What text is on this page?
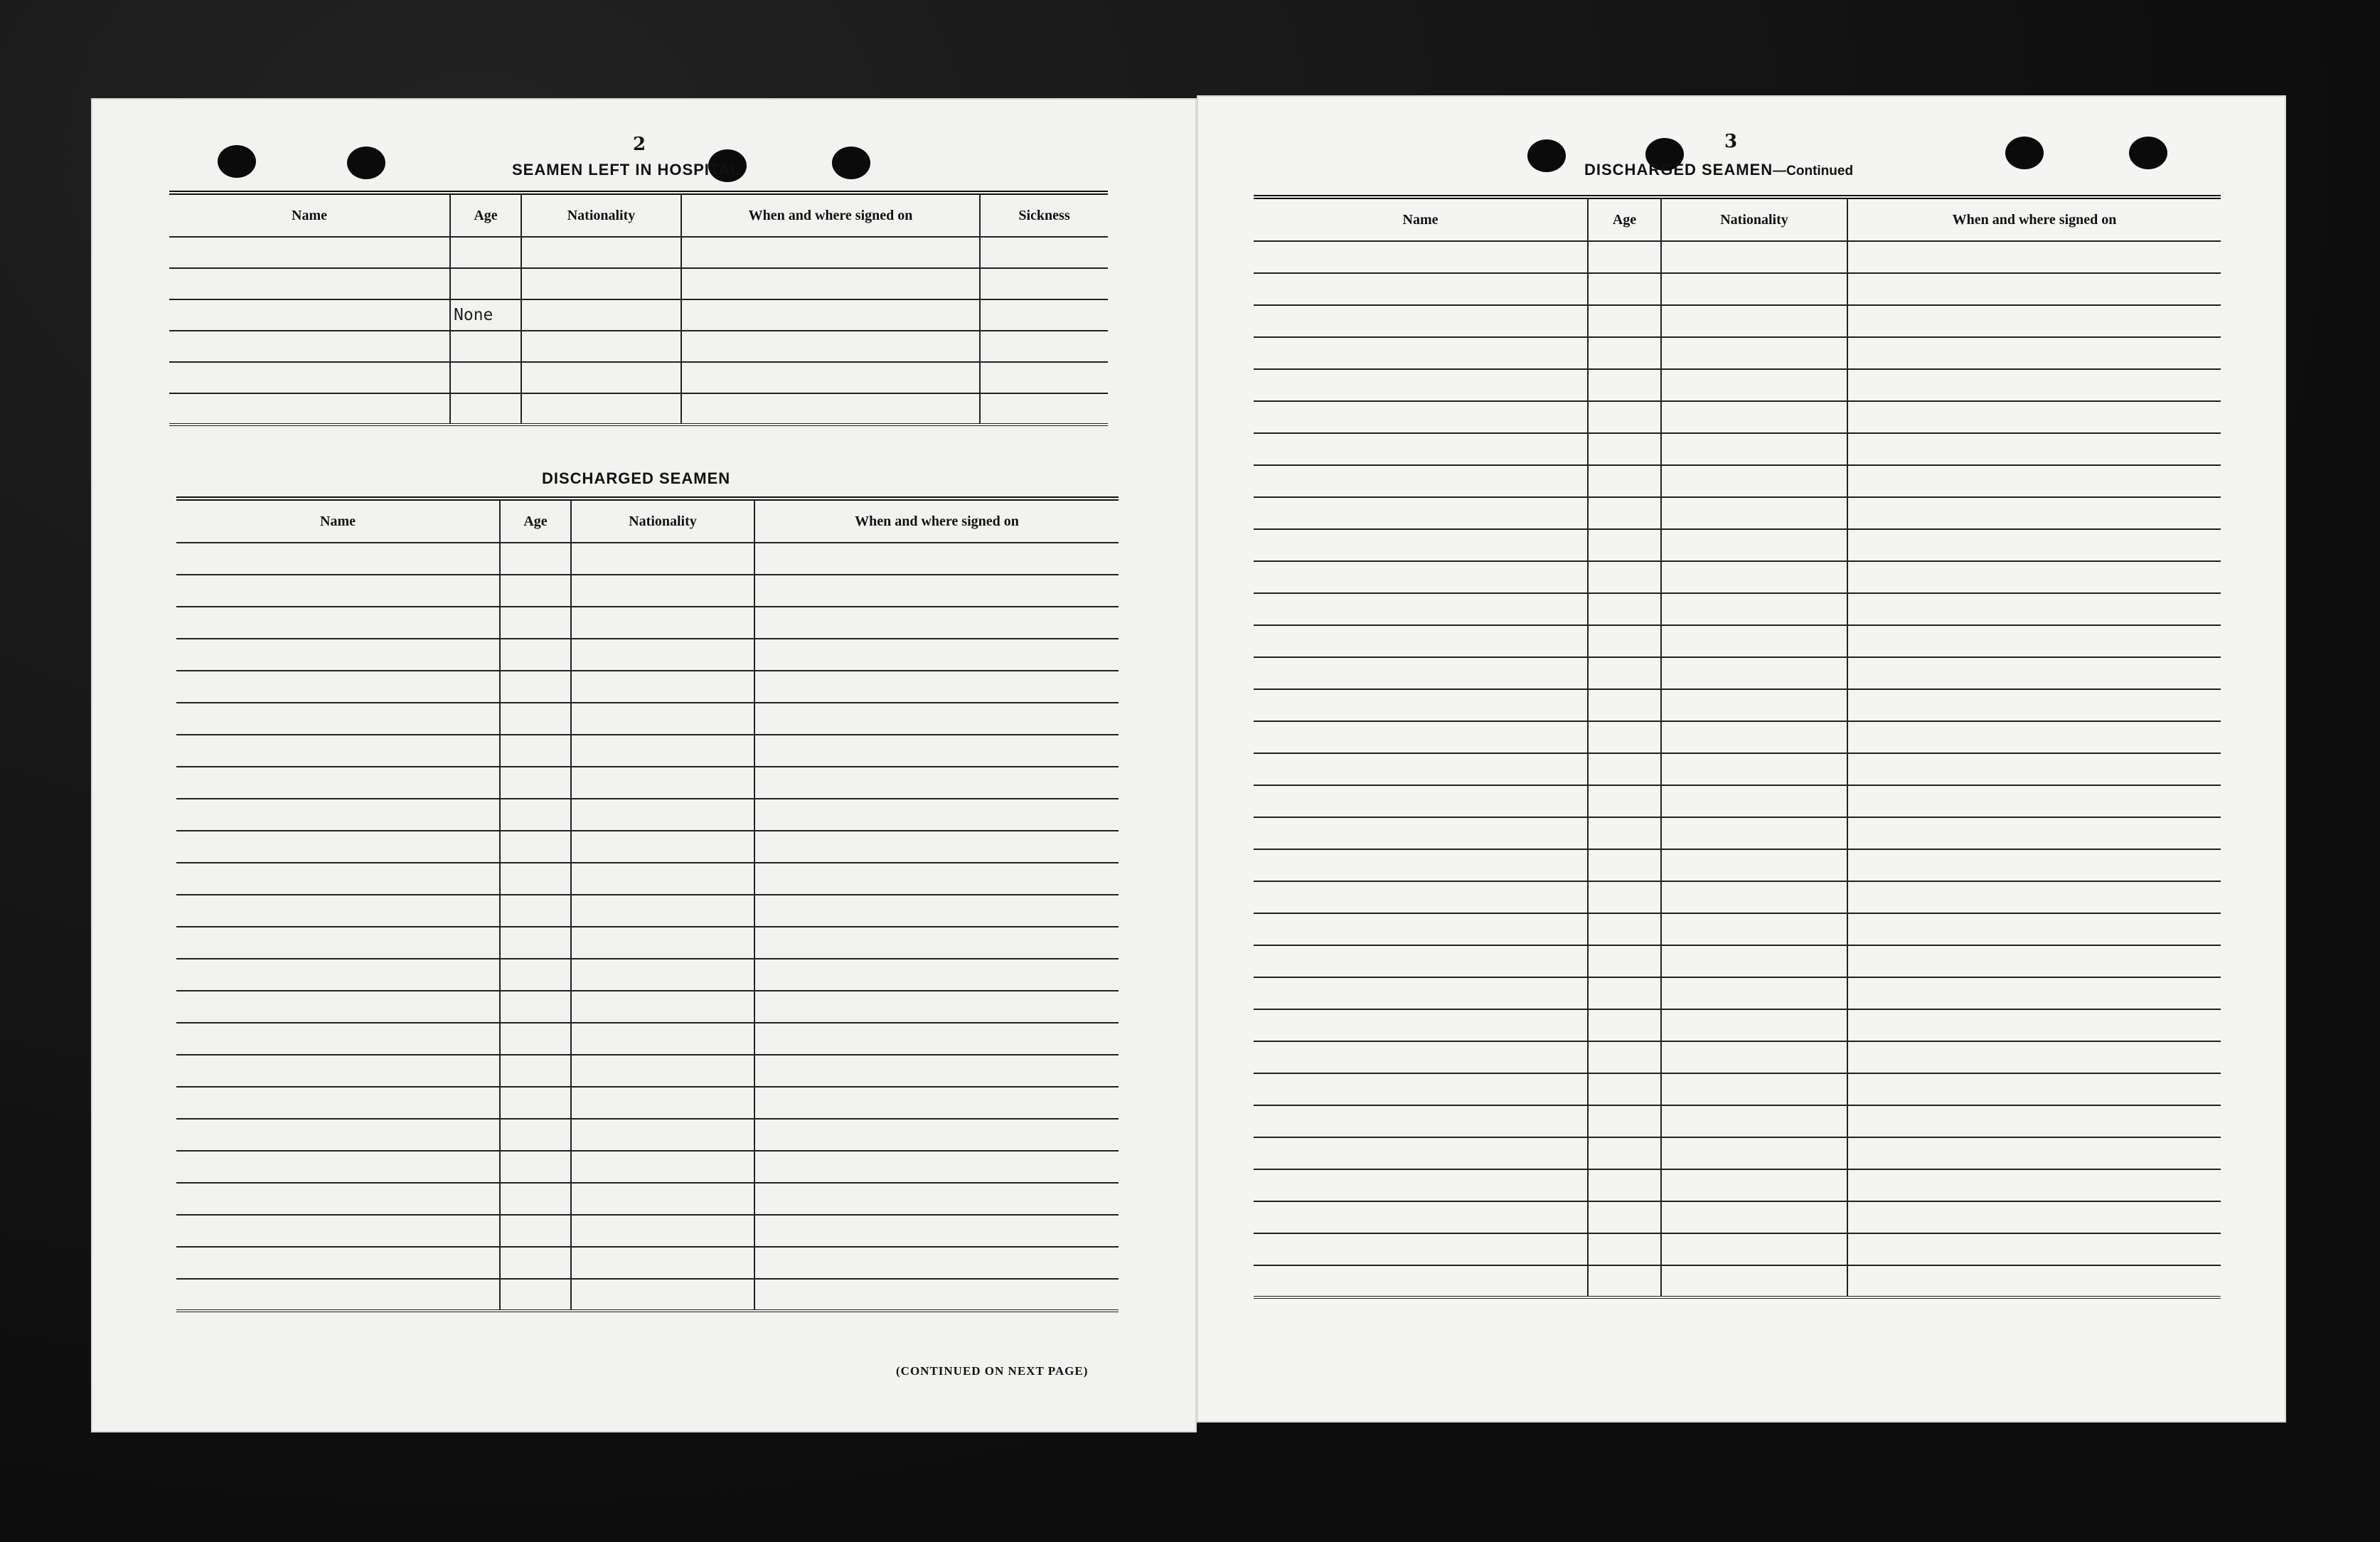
2
SEAMEN LEFT IN HOSPITAL
Name	Age	Nationality	When and where signed on	Sickness

	None			

DISCHARGED SEAMEN
Name	Age	Nationality	When and where signed on

(CONTINUED ON NEXT PAGE)
3
DISCHARGED SEAMEN—Continued
Name	Age	Nationality	When and where signed on
